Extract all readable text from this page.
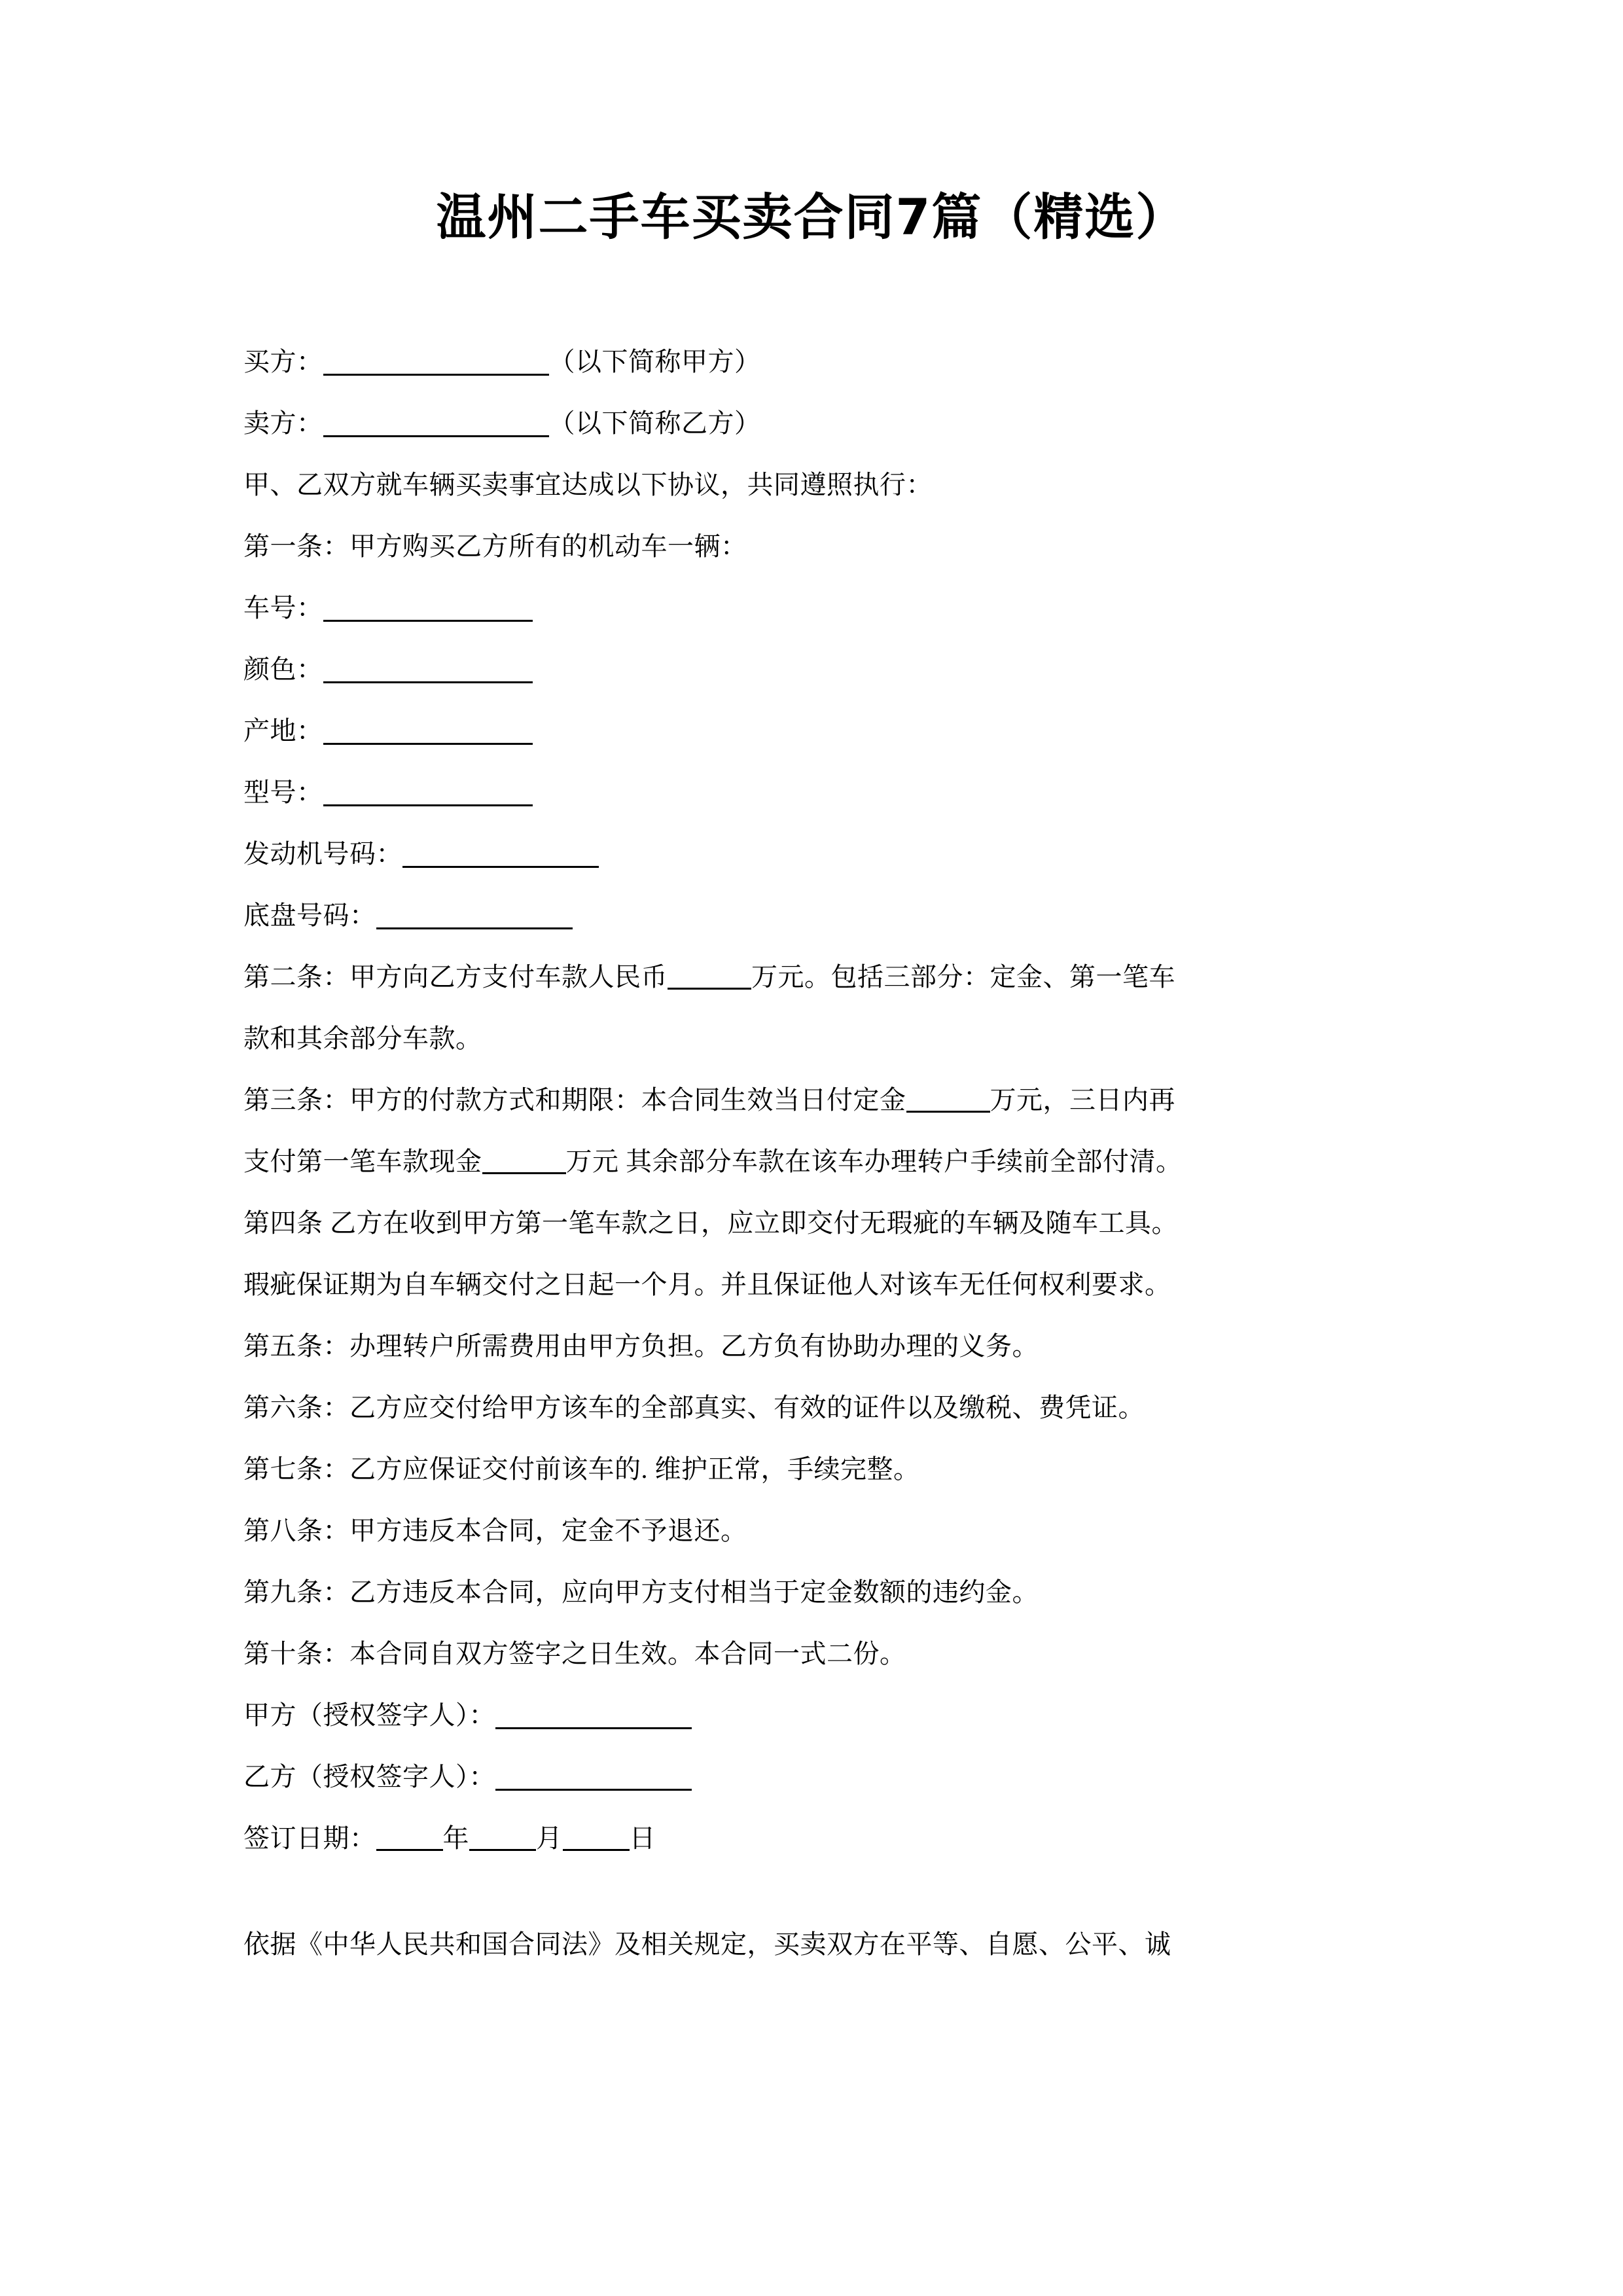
温州二手车买卖合同7篇（精选）
买方：	（以下简称甲方）
卖方：	（以下简称乙方）
甲、乙双方就车辆买卖事宜达成以下协议，共同遵照执行：
第一条：甲方购买乙方所有的机动车一辆：
车号：
颜色：
产地：
型号：
发动机号码：
底盘号码：
第二条：甲方向乙方支付车款人民币	万元。包括三部分：定金、第一笔车
款和其余部分车款。
第三条：甲方的付款方式和期限：本合同生效当日付定金	万元，三日内再
支付第一笔车款现金	万元 其余部分车款在该车办理转户手续前全部付清。
第四条 乙方在收到甲方第一笔车款之日，应立即交付无瑕疵的车辆及随车工具。
瑕疵保证期为自车辆交付之日起一个月。并且保证他人对该车无任何权利要求。
第五条：办理转户所需费用由甲方负担。乙方负有协助办理的义务。
第六条：乙方应交付给甲方该车的全部真实、有效的证件以及缴税、费凭证。
第七条：乙方应保证交付前该车的. 维护正常，手续完整。
第八条：甲方违反本合同，定金不予退还。
第九条：乙方违反本合同，应向甲方支付相当于定金数额的违约金。
第十条：本合同自双方签字之日生效。本合同一式二份。
甲方（授权签字人）：
乙方（授权签字人）：
签订日期：	年	月	日
依据《中华人民共和国合同法》及相关规定，买卖双方在平等、自愿、公平、诚
